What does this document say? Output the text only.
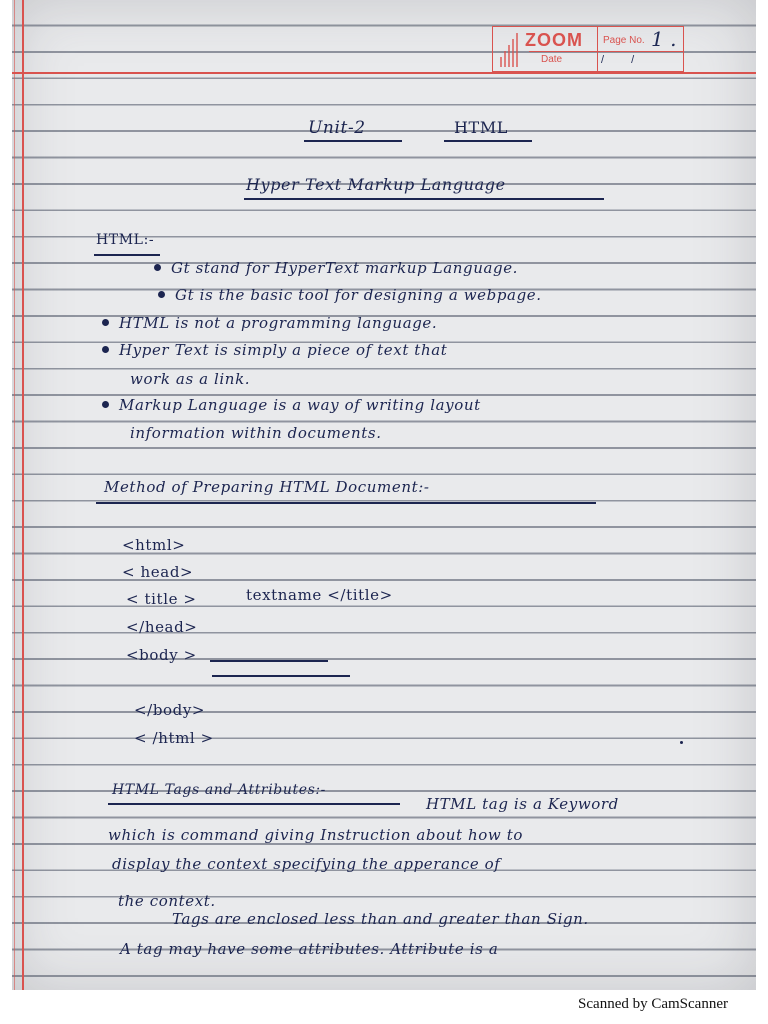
ZOOM Page No. 1 .
Date	/ /
Unit-2	HTML
Hyper Text Markup Language
HTML:-
Gt stand for HyperText markup Language.
Gt is the basic tool for designing a webpage.
HTML is not a programming language.
Hyper Text is simply a piece of text that
work as a link.
Markup Language is a way of writing layout
information within documents.
Method of Preparing HTML Document:-
<html>
< head>
< title >	textname </title>
</head>
<body >
</body>
< /html >
HTML Tags and Attributes:-
HTML tag is a Keyword
which is command giving Instruction about how to
display the context specifying the apperance of
the context.
Tags are enclosed less than and greater than Sign.
A tag may have some attributes. Attribute is a
Scanned by CamScanner
